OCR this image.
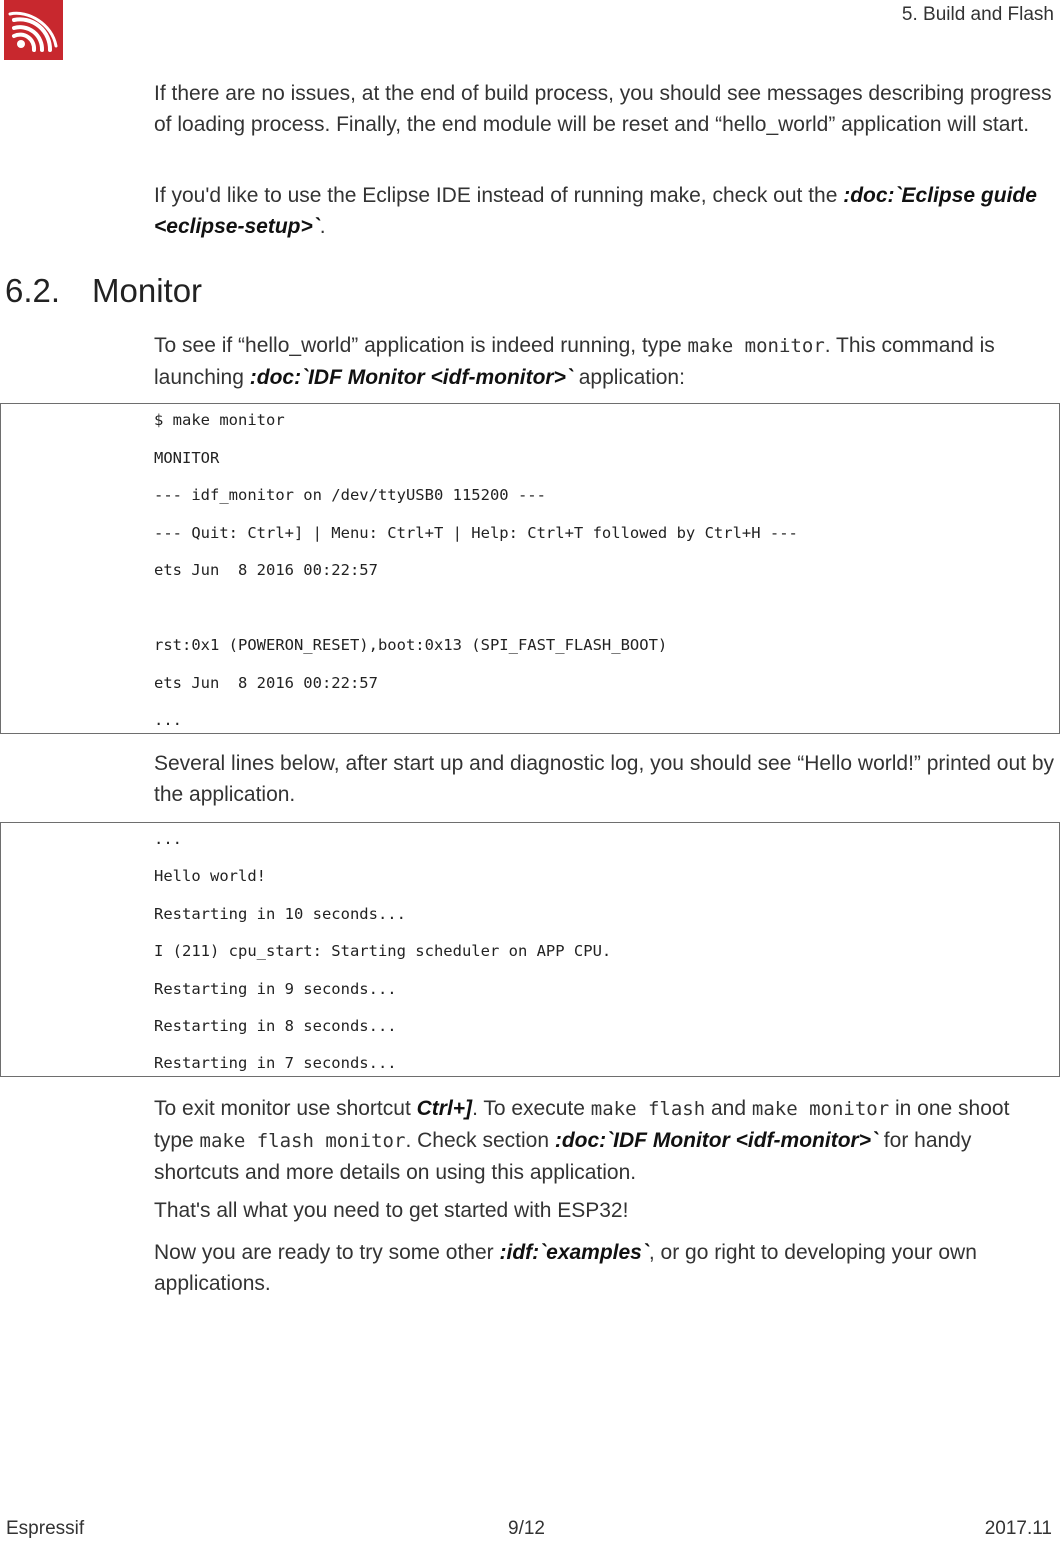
5. Build and Flash
If there are no issues, at the end of build process, you should see messages describing progress of loading process. Finally, the end module will be reset and “hello_world” application will start.
If you'd like to use the Eclipse IDE instead of running make, check out the :doc:`Eclipse guide <eclipse-setup>`.
6.2. Monitor
To see if “hello_world” application is indeed running, type make monitor. This command is launching :doc:`IDF Monitor <idf-monitor>` application:
$ make monitor
MONITOR
--- idf_monitor on /dev/ttyUSB0 115200 ---
--- Quit: Ctrl+] | Menu: Ctrl+T | Help: Ctrl+T followed by Ctrl+H ---
ets Jun  8 2016 00:22:57
rst:0x1 (POWERON_RESET),boot:0x13 (SPI_FAST_FLASH_BOOT)
ets Jun  8 2016 00:22:57
...
Several lines below, after start up and diagnostic log, you should see “Hello world!” printed out by the application.
...
Hello world!
Restarting in 10 seconds...
I (211) cpu_start: Starting scheduler on APP CPU.
Restarting in 9 seconds...
Restarting in 8 seconds...
Restarting in 7 seconds...
To exit monitor use shortcut Ctrl+]. To execute make flash and make monitor in one shoot type make flash monitor. Check section :doc:`IDF Monitor <idf-monitor>` for handy shortcuts and more details on using this application.
That's all what you need to get started with ESP32!
Now you are ready to try some other :idf:`examples`, or go right to developing your own applications.
Espressif	9/12	2017.11
